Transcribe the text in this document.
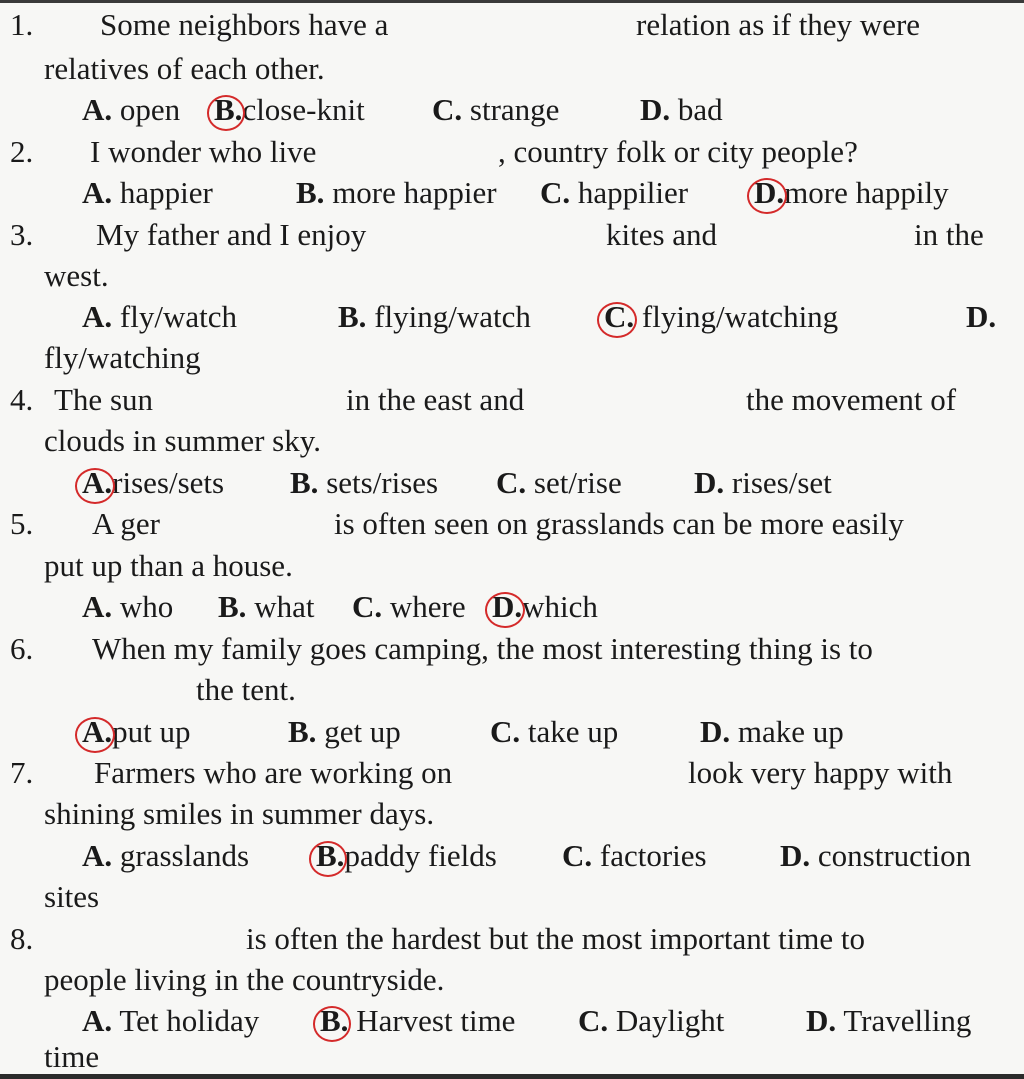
1. Some neighbors have a	relation as if they were
relatives of each other.
A. open B.
close-knit C. strange	D. bad
2. I wonder who live	, country folk or city people?
A. happier	B. more happier C. happilier D.
more happily
3. My father and I enjoy	kites and	in the
west.
A. fly/watch	B. flying/watch C.
flying/watching	D.
fly/watching
4. The sun	in the east and	the movement of
clouds in summer sky.
A.
rises/sets B. sets/rises C. set/rise D. rises/set
5. A ger	is often seen on grasslands can be more easily
put up than a house.
A. who B. what C. where D.
which
6. When my family goes camping, the most interesting thing is to
the tent.
A.
put up	B. get up	C. take up	D. make up
7. Farmers who are working on	look very happy with
shining smiles in summer days.
A. grasslands B.
paddy fields C. factories D. construction
sites
8.	is often the hardest but the most important time to
people living in the countryside.
A. Tet holiday B.
Harvest time C. Daylight	D. Travelling
time
